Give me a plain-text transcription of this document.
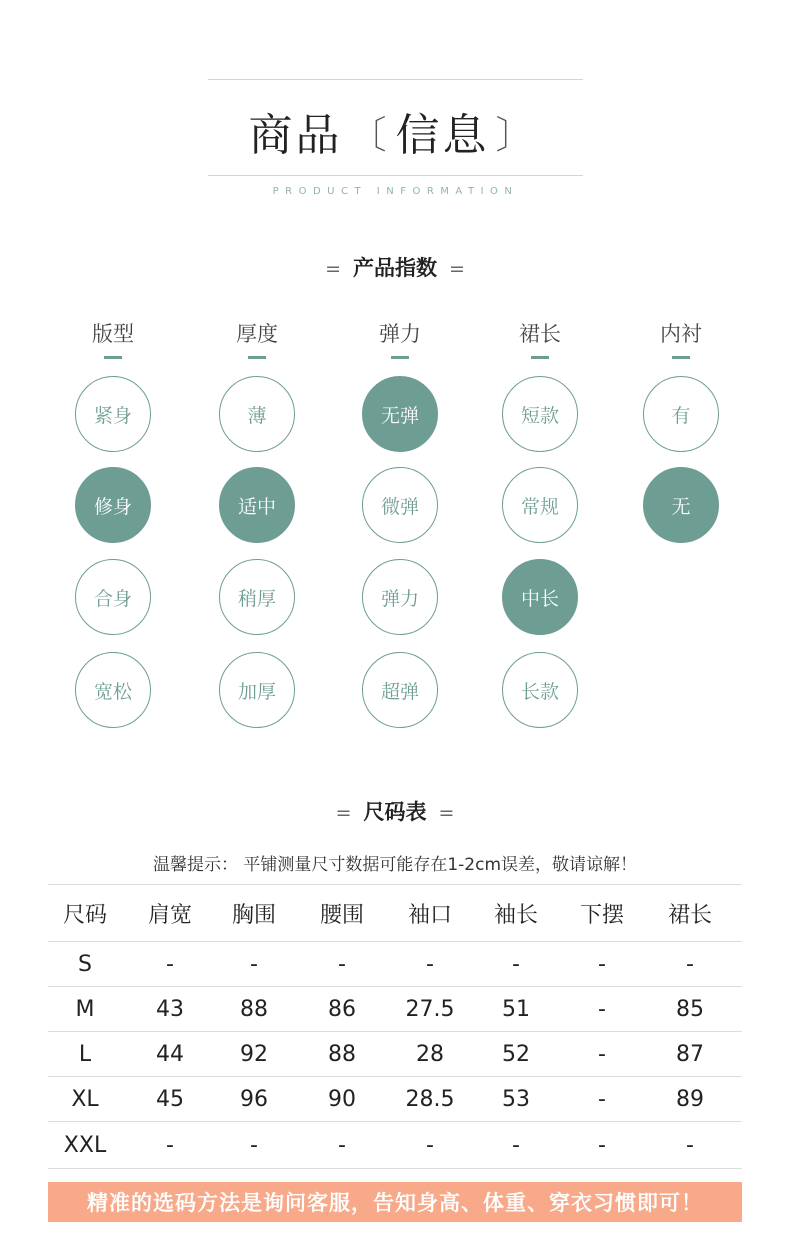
商品 〔 信息 〕
PRODUCT INFORMATION
= 产品指数 =
版型
紧身
修身
合身
宽松
厚度
薄
适中
稍厚
加厚
弹力
无弹
微弹
弹力
超弹
裙长
短款
常规
中长
长款
内衬
有
无
= 尺码表 =
温馨提示： 平铺测量尺寸数据可能存在1-2cm误差，敬请谅解！
尺码	肩宽	胸围	腰围	袖口	袖长	下摆	裙长
S	-	-	-	-	-	-	-
M	43	88	86	27.5	51	-	85
L	44	92	88	28	52	-	87
XL	45	96	90	28.5	53	-	89
XXL	-	-	-	-	-	-	-
精准的选码方法是询问客服，告知身高、体重、穿衣习惯即可！
